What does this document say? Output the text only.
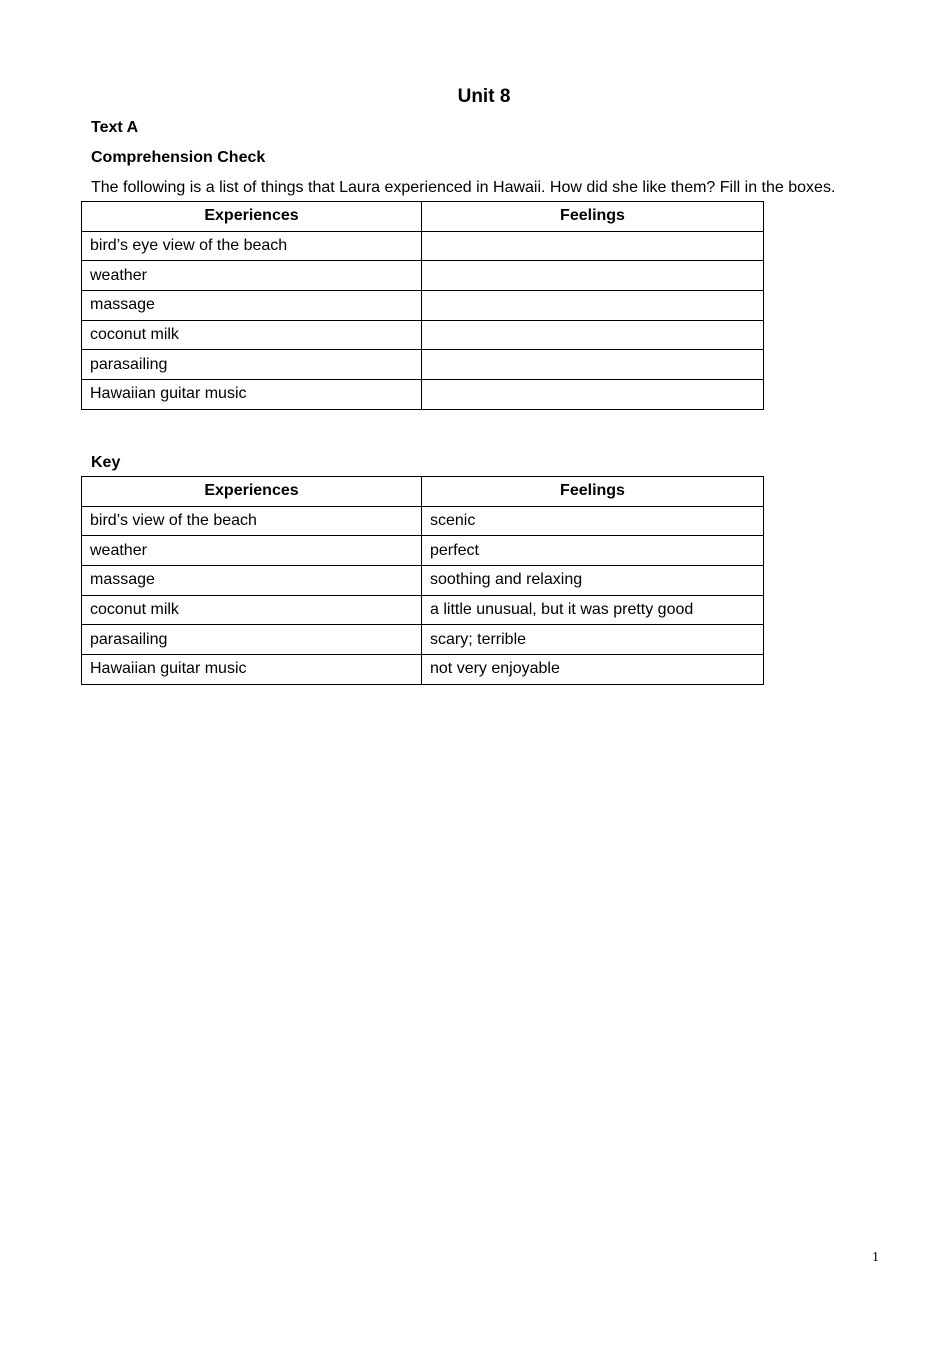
Unit 8

Text A

Comprehension Check

The following is a list of things that Laura experienced in Hawaii. How did she like them? Fill in the boxes.

Experiences	Feelings
bird’s eye view of the beach	
weather	
massage	
coconut milk	
parasailing	
Hawaiian guitar music	

Key

Experiences	Feelings
bird’s view of the beach	scenic
weather	perfect
massage	soothing and relaxing
coconut milk	a little unusual, but it was pretty good
parasailing	scary; terrible
Hawaiian guitar music	not very enjoyable

1
